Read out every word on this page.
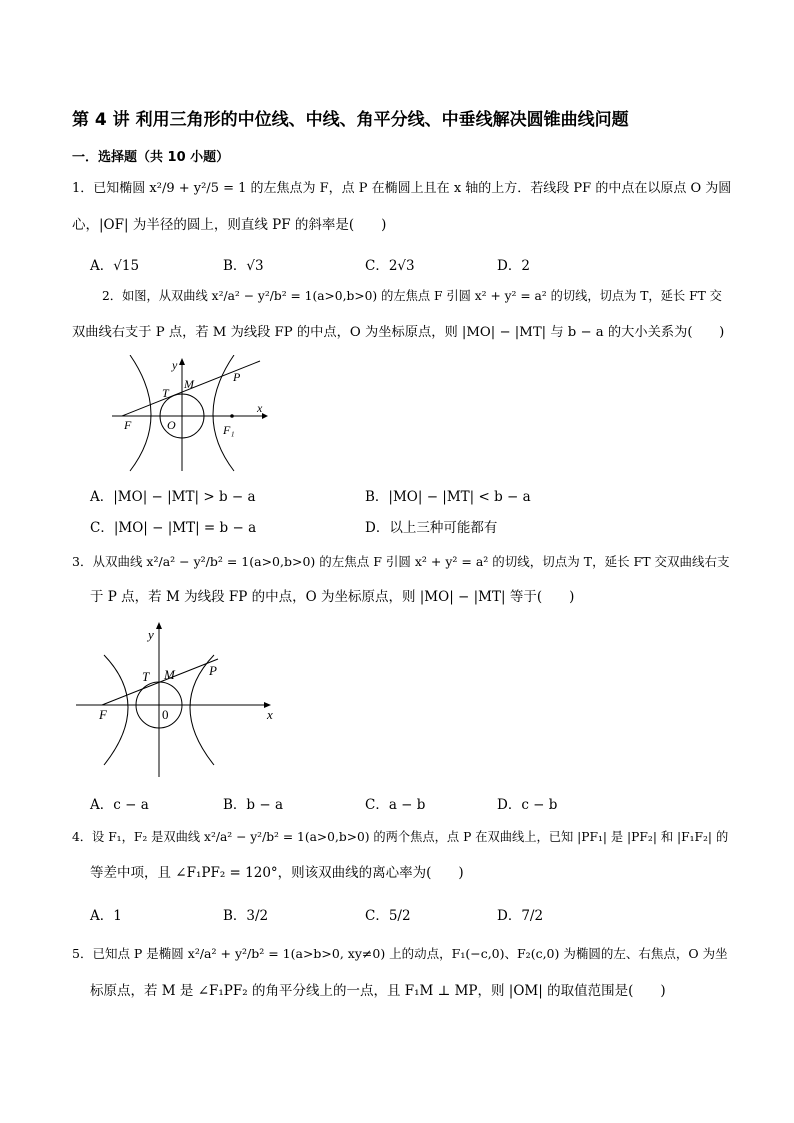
第 4 讲 利用三角形的中位线、中线、角平分线、中垂线解决圆锥曲线问题
一．选择题（共 10 小题）
1．已知椭圆 x²/9 + y²/5 = 1 的左焦点为 F，点 P 在椭圆上且在 x 轴的上方．若线段 PF 的中点在以原点 O 为圆
心，|OF| 为半径的圆上，则直线 PF 的斜率是(　　)
A．√15	B．√3	C．2√3	D．2
2．如图，从双曲线 x²/a² − y²/b² = 1(a>0,b>0) 的左焦点 F 引圆 x² + y² = a² 的切线，切点为 T，延长 FT 交
双曲线右支于 P 点，若 M 为线段 FP 的中点，O 为坐标原点，则 |MO| − |MT| 与 b − a 的大小关系为(　　)
x
y
T
M	P
F	O	F₁
A．|MO| − |MT| > b − a	B．|MO| − |MT| < b − a
C．|MO| − |MT| = b − a	D．以上三种可能都有
3．从双曲线 x²/a² − y²/b² = 1(a>0,b>0) 的左焦点 F 引圆 x² + y² = a² 的切线，切点为 T，延长 FT 交双曲线右支
于 P 点，若 M 为线段 FP 的中点，O 为坐标原点，则 |MO| − |MT| 等于(　　)
y
x
T M	P
F	0
A．c − a	B．b − a	C．a − b	D．c − b
4．设 F₁，F₂ 是双曲线 x²/a² − y²/b² = 1(a>0,b>0) 的两个焦点，点 P 在双曲线上，已知 |PF₁| 是 |PF₂| 和 |F₁F₂| 的
等差中项，且 ∠F₁PF₂ = 120°，则该双曲线的离心率为(　　)
A．1	B．3/2	C．5/2	D．7/2
5．已知点 P 是椭圆 x²/a² + y²/b² = 1(a>b>0, xy≠0) 上的动点，F₁(−c,0)、F₂(c,0) 为椭圆的左、右焦点，O 为坐
标原点，若 M 是 ∠F₁PF₂ 的角平分线上的一点，且 F₁M ⊥ MP，则 |OM| 的取值范围是(　　)
